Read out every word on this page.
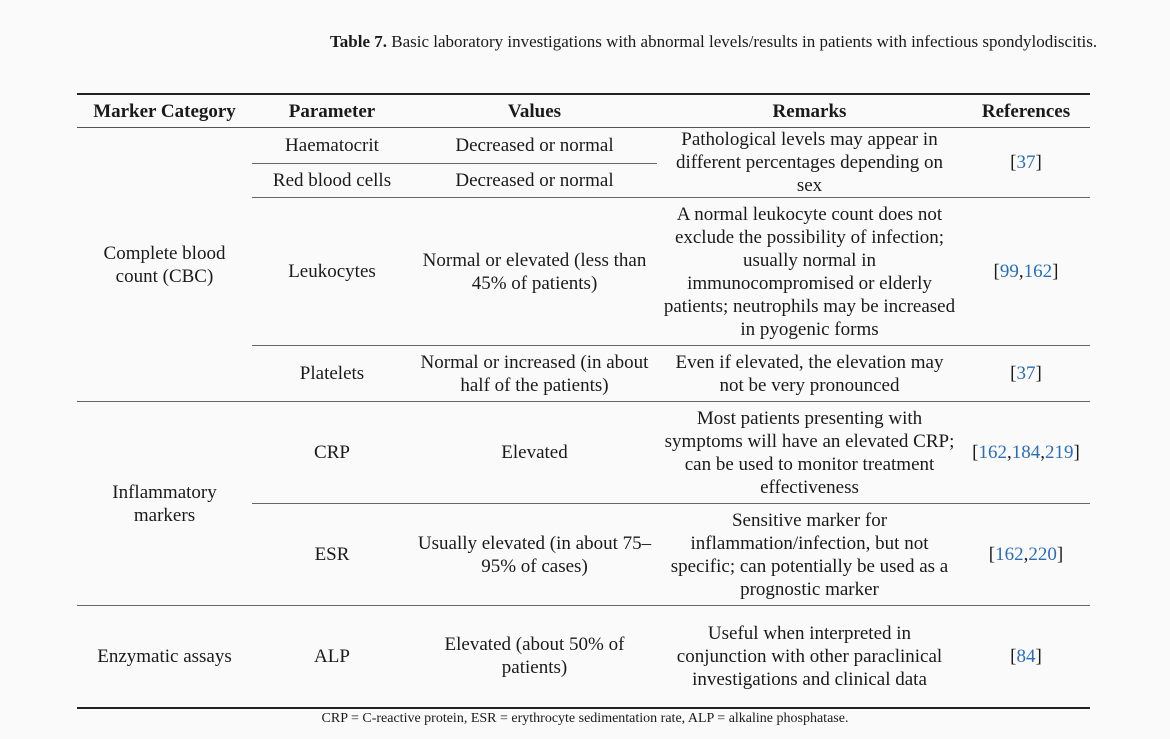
Table 7. Basic laboratory investigations with abnormal levels/results in patients with infectious spondylodiscitis.
Marker Category	Parameter	Values	Remarks	References
Complete blood count (CBC)	Haematocrit	Decreased or normal	Pathological levels may appear in different percentages depending on sex	[37]
	Red blood cells	Decreased or normal		
	Leukocytes	Normal or elevated (less than 45% of patients)	A normal leukocyte count does not exclude the possibility of infection; usually normal in immunocompromised or elderly patients; neutrophils may be increased in pyogenic forms	[99,162]
	Platelets	Normal or increased (in about half of the patients)	Even if elevated, the elevation may not be very pronounced	[37]
Inflammatory markers	CRP	Elevated	Most patients presenting with symptoms will have an elevated CRP; can be used to monitor treatment effectiveness	[162,184,219]
	ESR	Usually elevated (in about 75–95% of cases)	Sensitive marker for inflammation/infection, but not specific; can potentially be used as a prognostic marker	[162,220]
Enzymatic assays	ALP	Elevated (about 50% of patients)	Useful when interpreted in conjunction with other paraclinical investigations and clinical data	[84]
CRP = C-reactive protein, ESR = erythrocyte sedimentation rate, ALP = alkaline phosphatase.
